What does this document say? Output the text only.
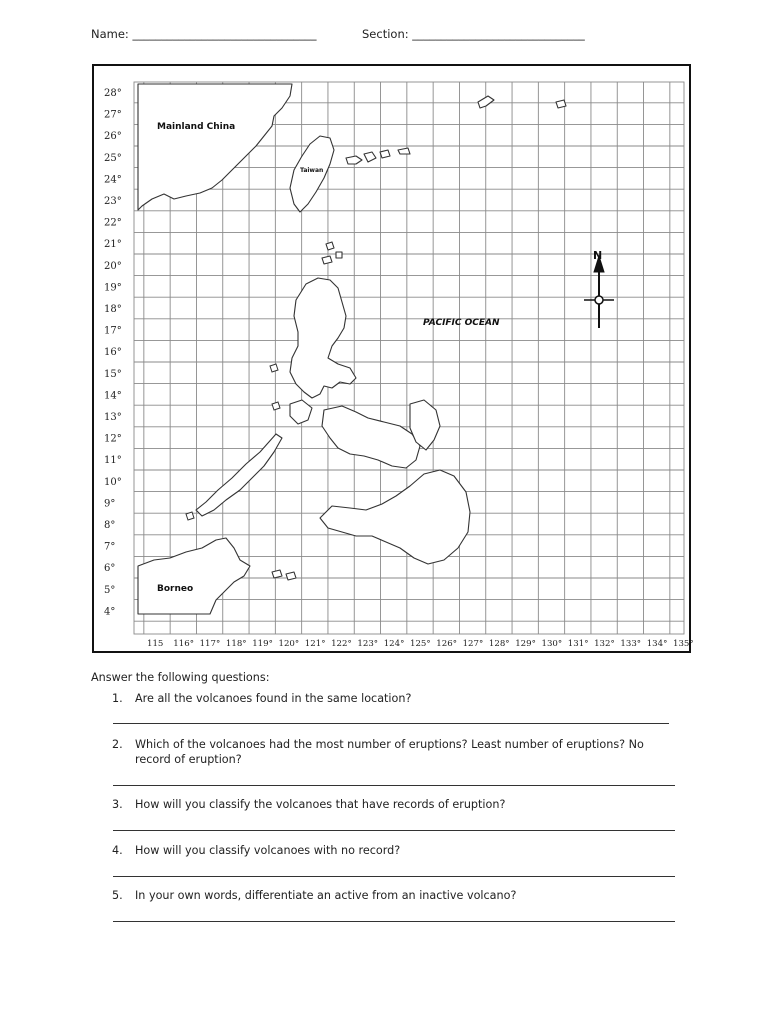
Name: ________________________________	Section: ______________________________
28°
27°
26°
25°
24°
23°
22°
21°
20°
19°
18°
17°
16°
15°
14°
13°
12°
11°
10°
9°
8°
7°
6°
5°
4°
115 116° 117° 118° 119° 120° 121° 122° 123° 124° 125° 126° 127° 128° 129° 130° 131° 132° 133° 134° 135°
N
Mainland China
Taiwan
Borneo
PACIFIC OCEAN
Answer the following questions:
1. Are all the volcanoes found in the same location?
2. Which of the volcanoes had the most number of eruptions? Least number of eruptions? No record of eruption?
3. How will you classify the volcanoes that have records of eruption?
4. How will you classify volcanoes with no record?
5. In your own words, differentiate an active from an inactive volcano?
